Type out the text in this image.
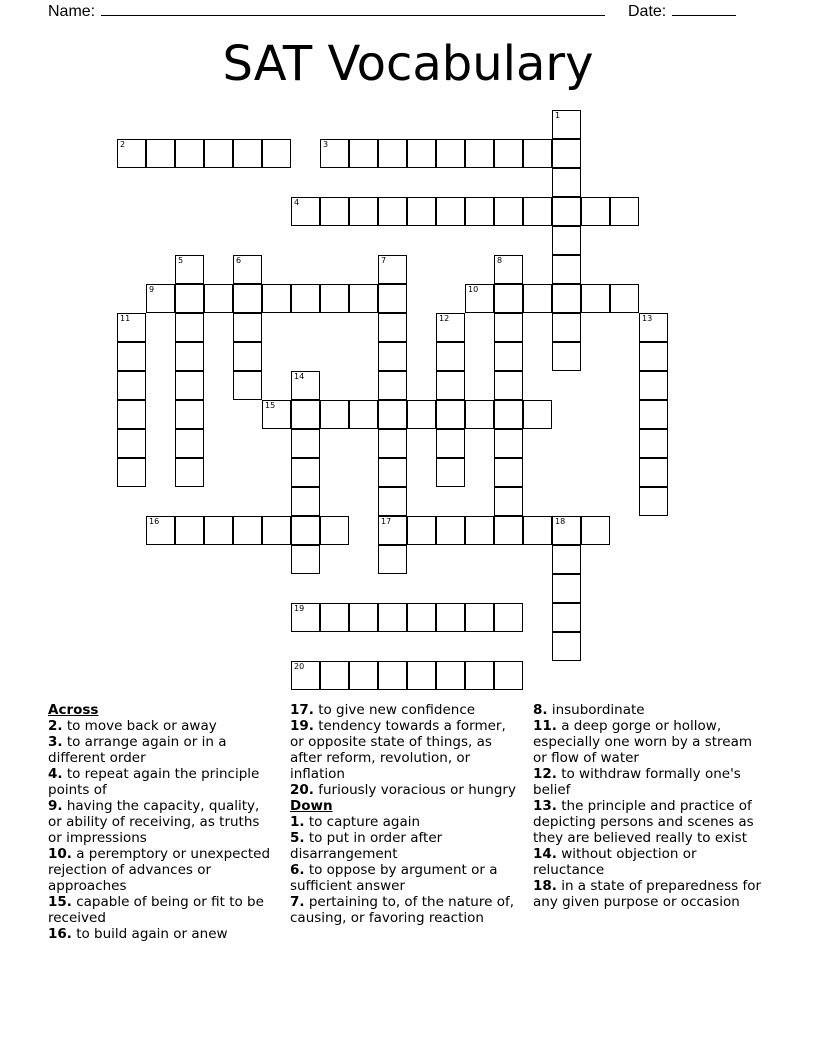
Name:	Date:
SAT Vocabulary
1
2	3
4
5	6	7
17
8
9	10
11	12	13
14
15
16	18
19
20
Across
2. to move back or away
3. to arrange again or in a different order
4. to repeat again the principle points of
9. having the capacity, quality, or ability of receiving, as truths or impressions
10. a peremptory or unexpected rejection of advances or approaches
15. capable of being or fit to be received
16. to build again or anew
17. to give new confidence
19. tendency towards a former, or opposite state of things, as after reform, revolution, or inflation
20. furiously voracious or hungry
Down
1. to capture again
5. to put in order after disarrangement
6. to oppose by argument or a sufficient answer
7. pertaining to, of the nature of, causing, or favoring reaction
8. insubordinate
11. a deep gorge or hollow, especially one worn by a stream or flow of water
12. to withdraw formally one's belief
13. the principle and practice of depicting persons and scenes as they are believed really to exist
14. without objection or reluctance
18. in a state of preparedness for any given purpose or occasion
